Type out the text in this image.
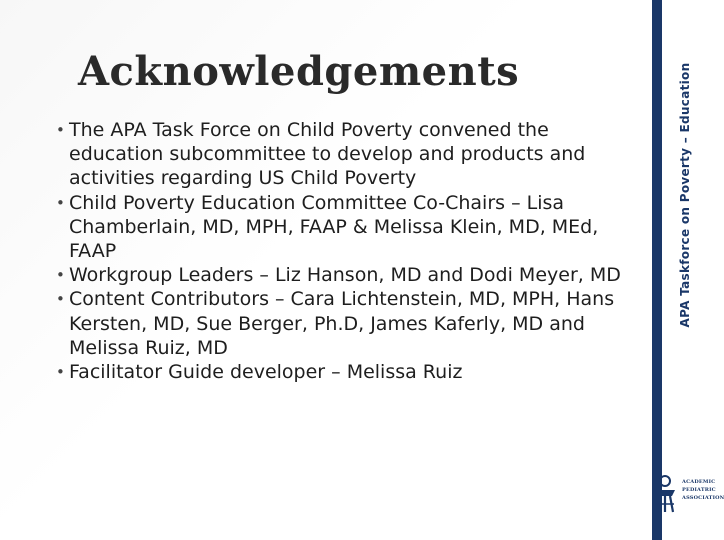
Acknowledgements
• The APA Task Force on Child Poverty convened the education subcommittee to develop and products and activities regarding US Child Poverty
• Child Poverty Education Committee Co-Chairs – Lisa Chamberlain, MD, MPH, FAAP & Melissa Klein, MD, MEd, FAAP
• Workgroup Leaders – Liz Hanson, MD and Dodi Meyer, MD
• Content Contributors – Cara Lichtenstein, MD, MPH, Hans Kersten, MD, Sue Berger, Ph.D, James Kaferly, MD and Melissa Ruiz, MD
• Facilitator Guide developer – Melissa Ruiz
APA Taskforce on Poverty – Education
ACADEMIC
PEDIATRIC
ASSOCIATION
